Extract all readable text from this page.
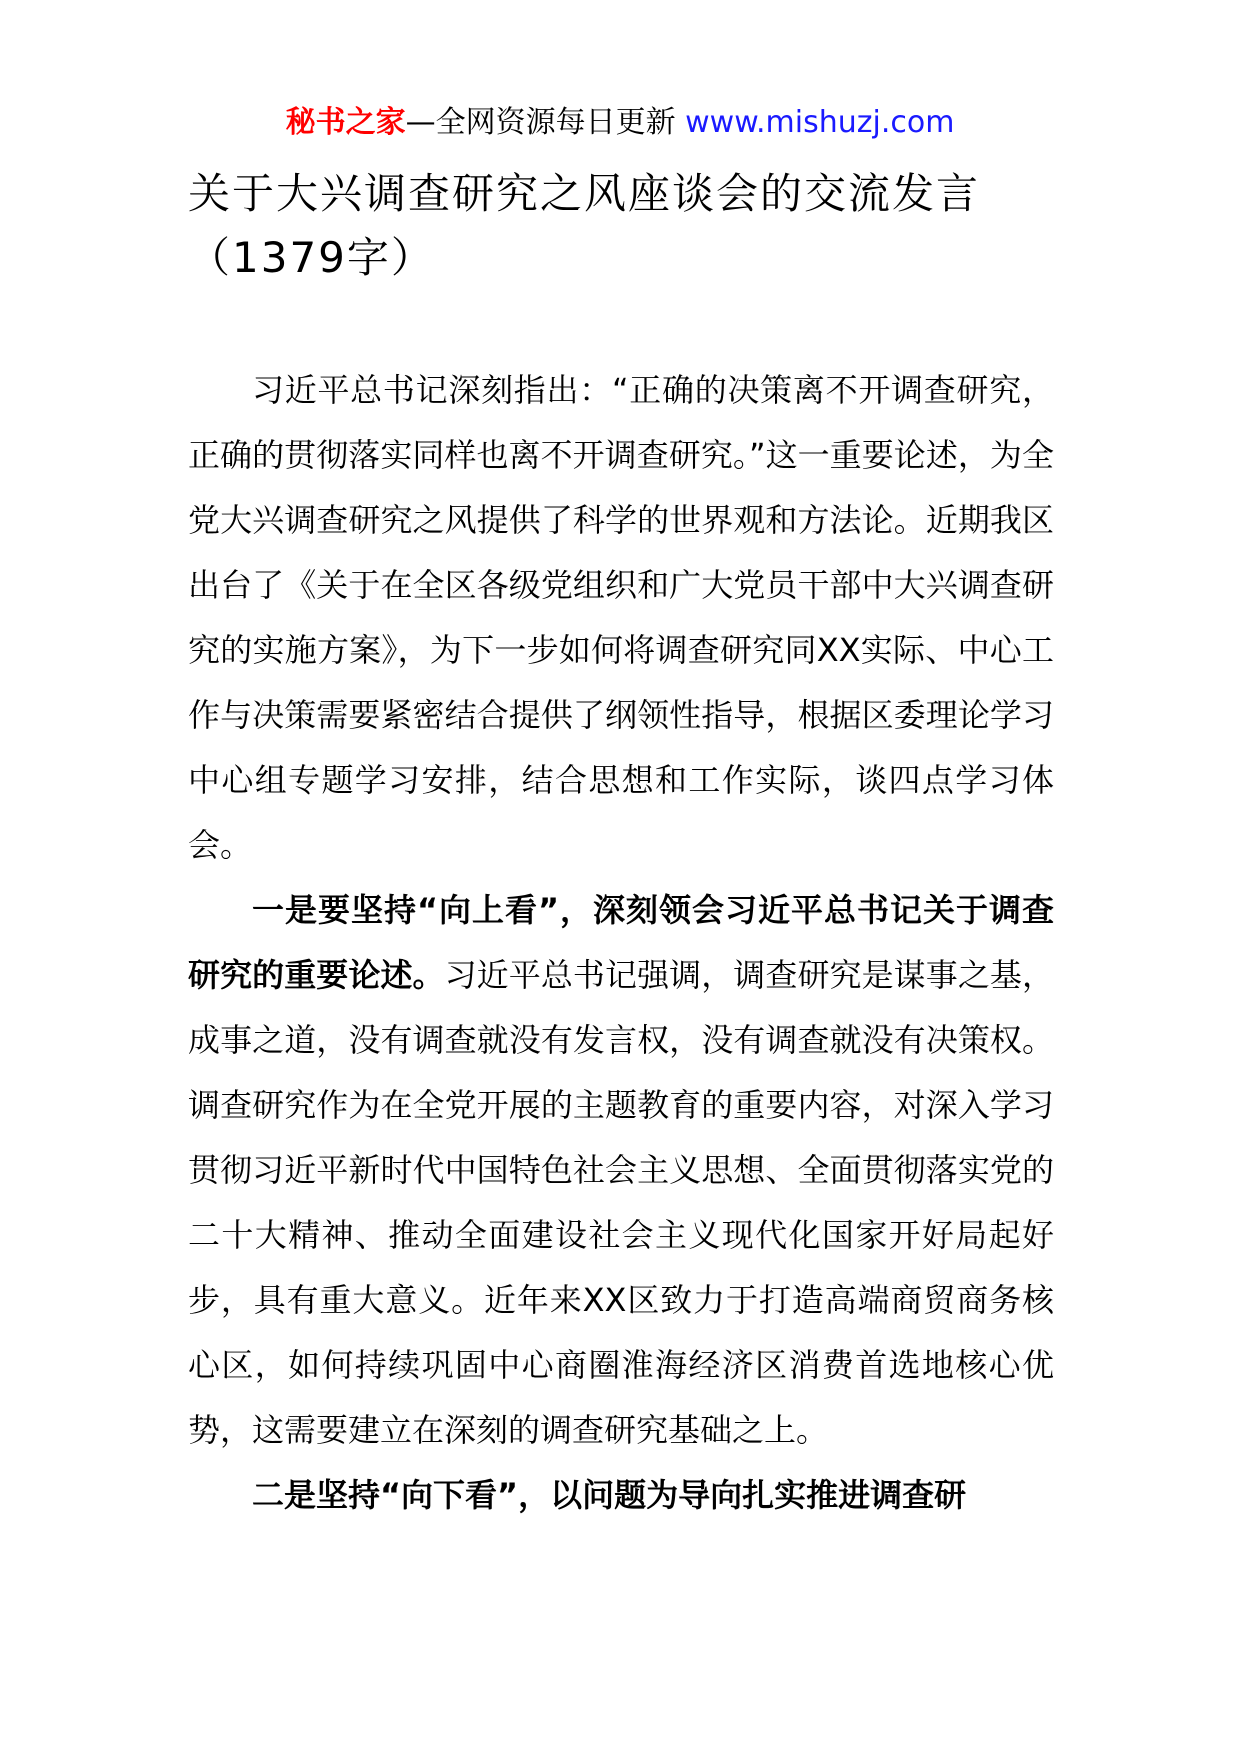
秘书之家—全网资源每日更新 www.mishuzj.com
关于大兴调查研究之风座谈会的交流发言（1379字）

习近平总书记深刻指出：“正确的决策离不开调查研究，正确的贯彻落实同样也离不开调查研究。”这一重要论述，为全党大兴调查研究之风提供了科学的世界观和方法论。近期我区出台了《关于在全区各级党组织和广大党员干部中大兴调查研究的实施方案》，为下一步如何将调查研究同XX实际、中心工作与决策需要紧密结合提供了纲领性指导，根据区委理论学习中心组专题学习安排，结合思想和工作实际，谈四点学习体会。

一是要坚持“向上看”，深刻领会习近平总书记关于调查研究的重要论述。习近平总书记强调，调查研究是谋事之基，成事之道，没有调查就没有发言权，没有调查就没有决策权。调查研究作为在全党开展的主题教育的重要内容，对深入学习贯彻习近平新时代中国特色社会主义思想、全面贯彻落实党的二十大精神、推动全面建设社会主义现代化国家开好局起好步，具有重大意义。近年来XX区致力于打造高端商贸商务核心区，如何持续巩固中心商圈淮海经济区消费首选地核心优势，这需要建立在深刻的调查研究基础之上。

二是坚持“向下看”，以问题为导向扎实推进调查研
